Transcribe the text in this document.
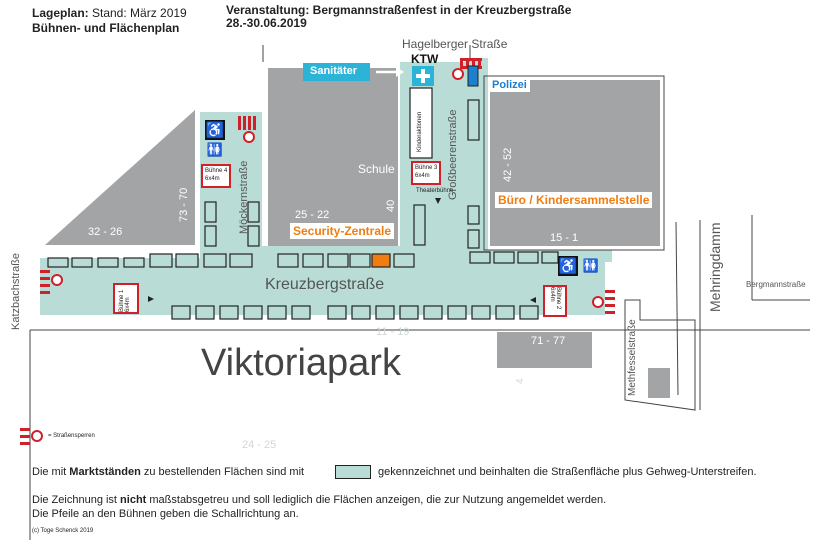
♿
🚻
♿ 🚻
Lageplan: Stand: März 2019
Bühnen- und Flächenplan
Veranstaltung: Bergmannstraßenfest in der Kreuzbergstraße
28.-30.06.2019
Hagelberger Straße
Kreuzbergstraße
Möckernstraße	Großbeerenstraße
Katzbachstraße	Mehringdamm	Bergmannstraße
Methfesselstraße
Viktoriapark
32 - 26
73 - 70	25 - 22
40
42 - 52
15 - 1
11 - 19
71 - 77
24 - 25
4
Schule
KTW
Sanitäter
Polizei
Security-Zentrale
Büro / Kindersammelstelle
Kinderaktionen
Theaterbühne
Bühne 1 6x4m	Bühne 2 6x4m
Bühne 3 6x4m
Bühne 4 6x4m
= Straßensperren
Die mit Marktständen zu bestellenden Flächen sind mit	gekennzeichnet und beinhalten die Straßenfläche plus Gehweg-Unterstreifen.
Die Zeichnung ist nicht maßstabsgetreu und soll lediglich die Flächen anzeigen, die zur Nutzung angemeldet werden.
Die Pfeile an den Bühnen geben die Schallrichtung an.
(c) Toge Schenck 2019
